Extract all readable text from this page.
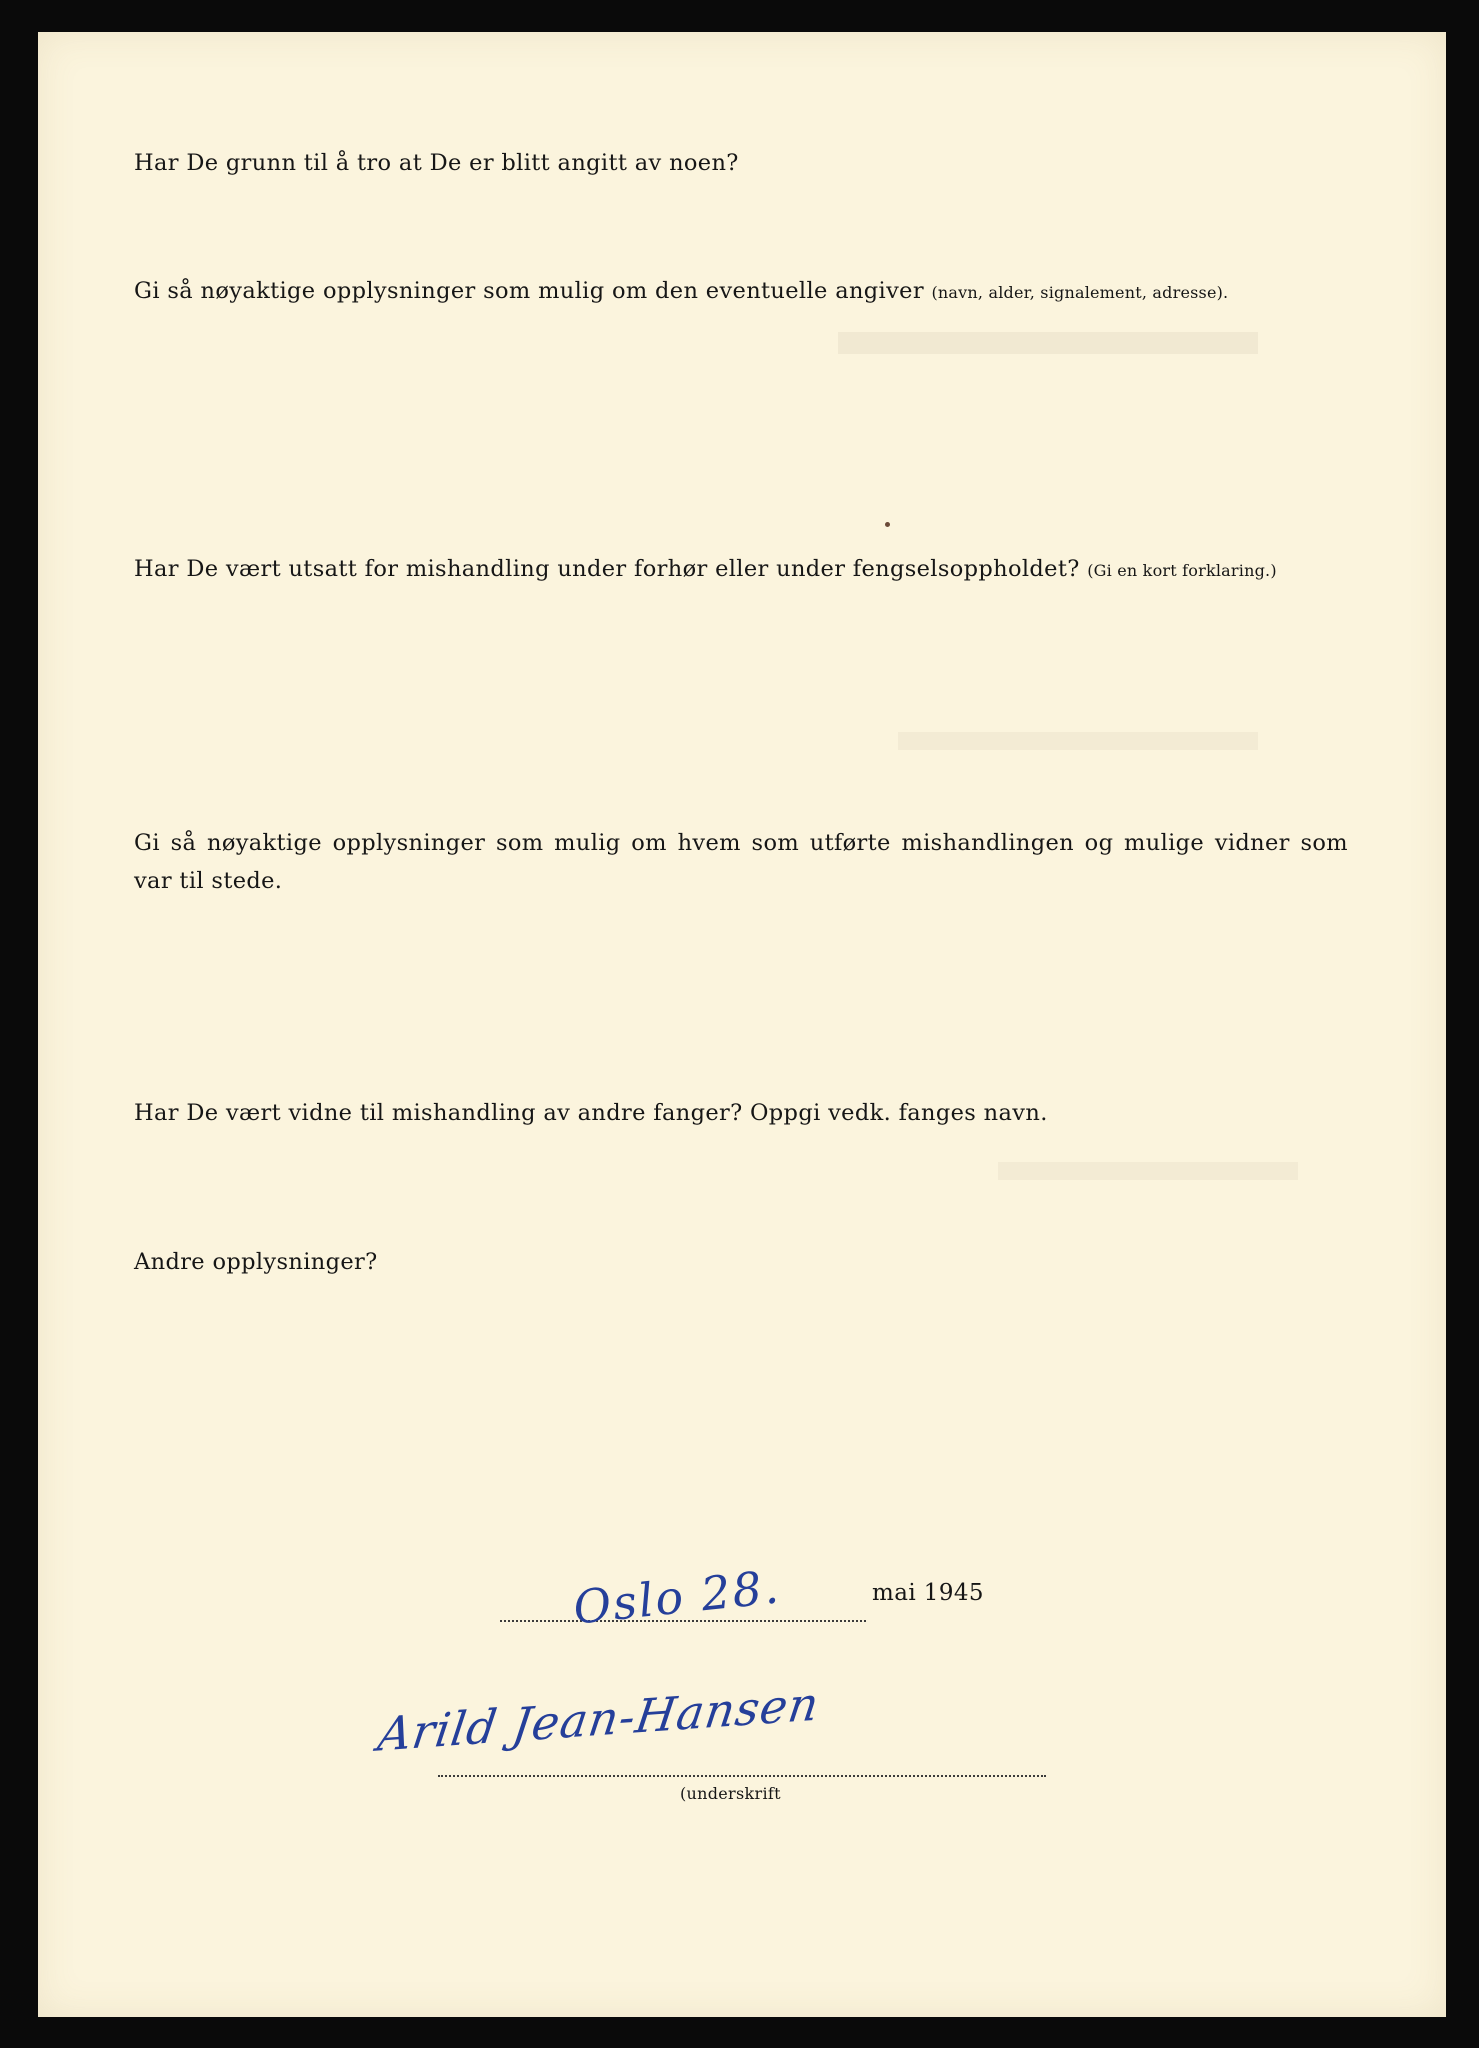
Har De grunn til å tro at De er blitt angitt av noen?

Gi så nøyaktige opplysninger som mulig om den eventuelle angiver (navn, alder, signalement, adresse).

Har De vært utsatt for mishandling under forhør eller under fengselsoppholdet? (Gi en kort forklaring.)

Gi så nøyaktige opplysninger som mulig om hvem som utførte mishandlingen og mulige vidner som var til stede.

Har De vært vidne til mishandling av andre fanger? Oppgi vedk. fanges navn.

Andre opplysninger?

Oslo 28.	mai 1945
Arild Jean-Hansen
(underskrift
